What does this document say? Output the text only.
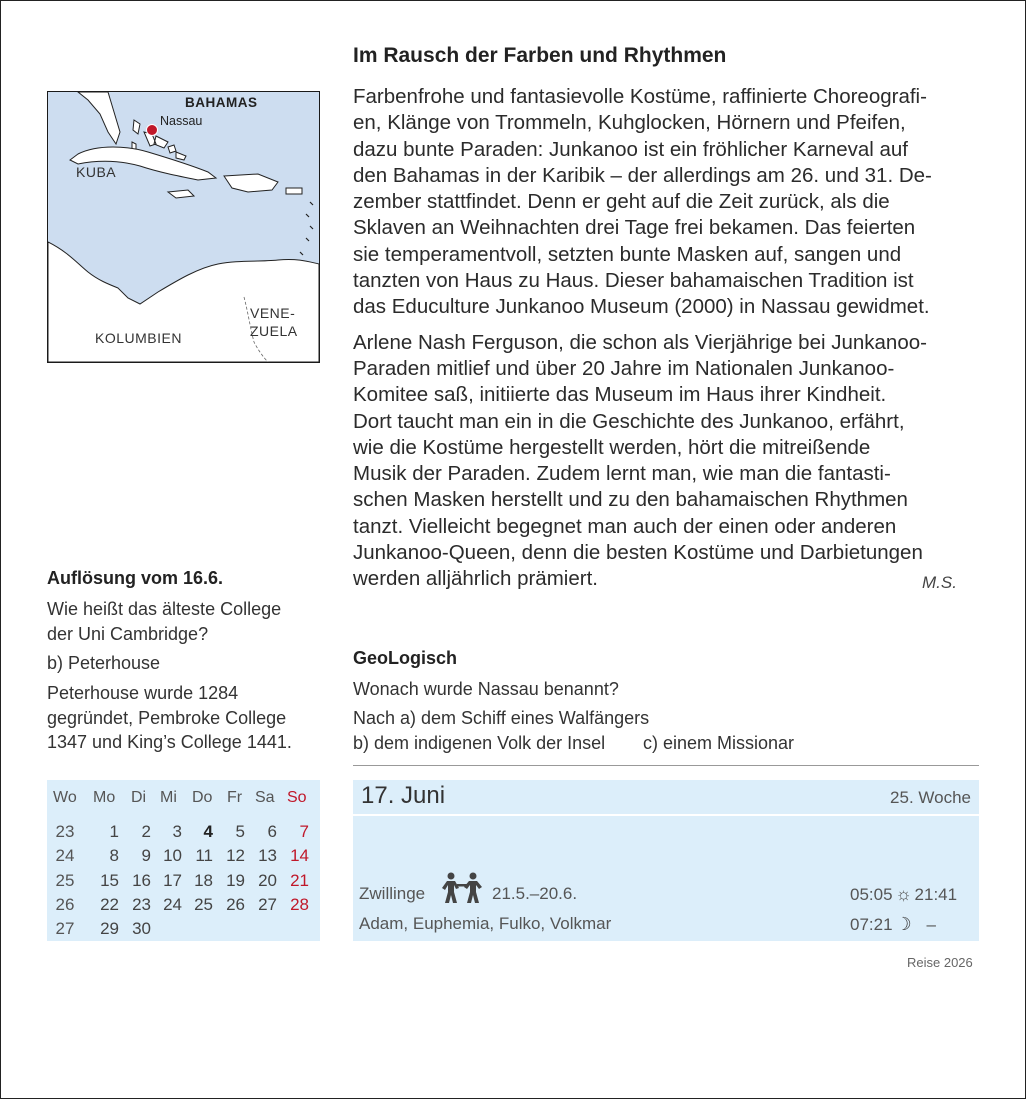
BAHAMAS
Nassau
KUBA
KOLUMBIEN
VENE-
ZUELA
Im Rausch der Farben und Rhythmen

Farbenfrohe und fantasievolle Kostüme, raffinierte Choreografi-
en, Klänge von Trommeln, Kuhglocken, Hörnern und Pfeifen,
dazu bunte Paraden: Junkanoo ist ein fröhlicher Karneval auf
den Bahamas in der Karibik – der allerdings am 26. und 31. De-
zember stattfindet. Denn er geht auf die Zeit zurück, als die
Sklaven an Weihnachten drei Tage frei bekamen. Das feierten
sie temperamentvoll, setzten bunte Masken auf, sangen und
tanzten von Haus zu Haus. Dieser bahamaischen Tradition ist
das Educulture Junkanoo Museum (2000) in Nassau gewidmet.

Arlene Nash Ferguson, die schon als Vierjährige bei Junkanoo-
Paraden mitlief und über 20 Jahre im Nationalen Junkanoo-
Komitee saß, initiierte das Museum im Haus ihrer Kindheit.
Dort taucht man ein in die Geschichte des Junkanoo, erfährt,
wie die Kostüme hergestellt werden, hört die mitreißende
Musik der Paraden. Zudem lernt man, wie man die fantasti-
schen Masken herstellt und zu den bahamaischen Rhythmen
tanzt. Vielleicht begegnet man auch der einen oder anderen
Junkanoo-Queen, denn die besten Kostüme und Darbietungen
werden alljährlich prämiert.	M.S.
Auflösung vom 16.6.
Wie heißt das älteste College
der Uni Cambridge?
b) Peterhouse
Peterhouse wurde 1284
gegründet, Pembroke College
1347 und King’s College 1441.
GeoLogisch
Wonach wurde Nassau benannt?
Nach a) dem Schiff eines Walfängers
b) dem indigenen Volk der Insel c) einem Missionar
Wo Mo Di Mi Do Fr Sa So
23	1	2	3	4	5	6	7
24	8	9 10 11 12 13 14
25	15 16 17 18 19 20 21
26	22 23 24 25 26 27 28
27	29 30
17. Juni	25. Woche
Zwillinge	21.5.–20.6.
Adam, Euphemia, Fulko, Volkmar
05:05 ☼ 21:41
07:21 ☽ –
Reise 2026
